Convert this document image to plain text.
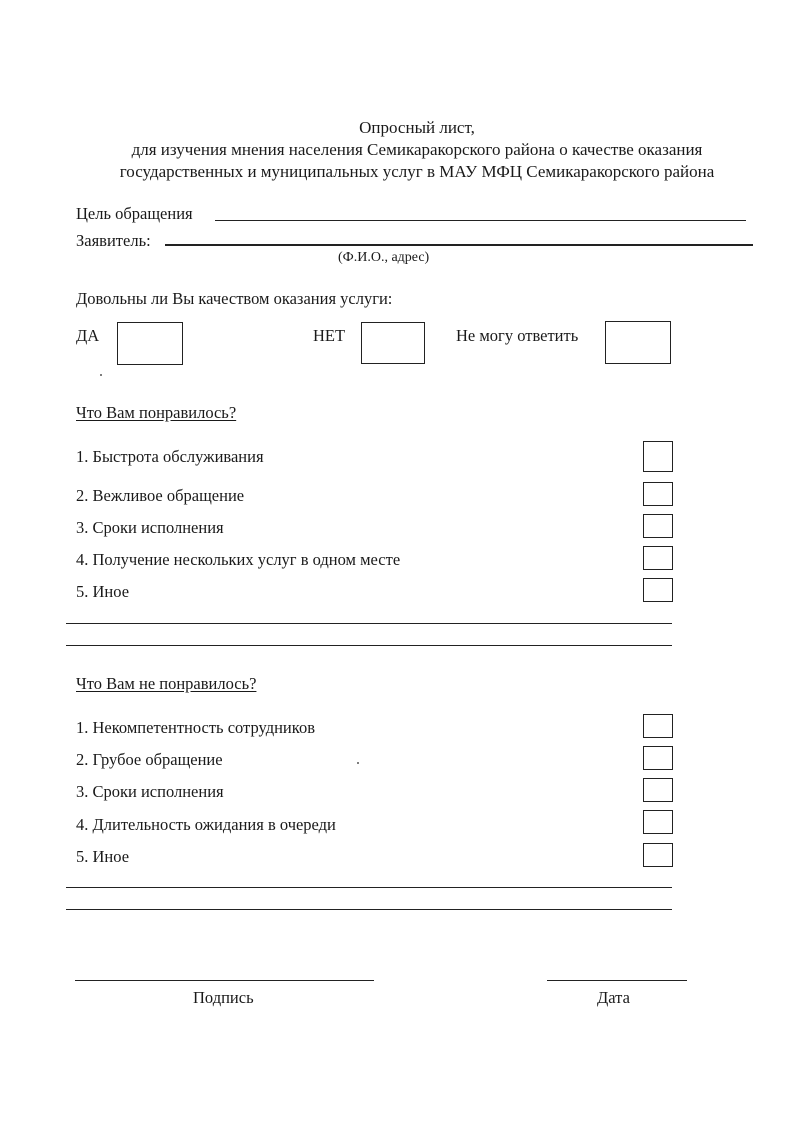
Опросный лист,
для изучения мнения населения Семикаракорского района о качестве оказания
государственных и муниципальных услуг в МАУ МФЦ Семикаракорского района
Цель обращения
Заявитель:
(Ф.И.О., адрес)
Довольны ли Вы качеством оказания услуги:
ДА	НЕТ	Не могу ответить
Что Вам понравилось?
1. Быстрота обслуживания
2. Вежливое обращение
3. Сроки исполнения
4. Получение нескольких услуг в одном месте
5. Иное
Что Вам не понравилось?
1. Некомпетентность сотрудников
2. Грубое обращение
3. Сроки исполнения
4. Длительность ожидания в очереди
5. Иное
Подпись	Дата
